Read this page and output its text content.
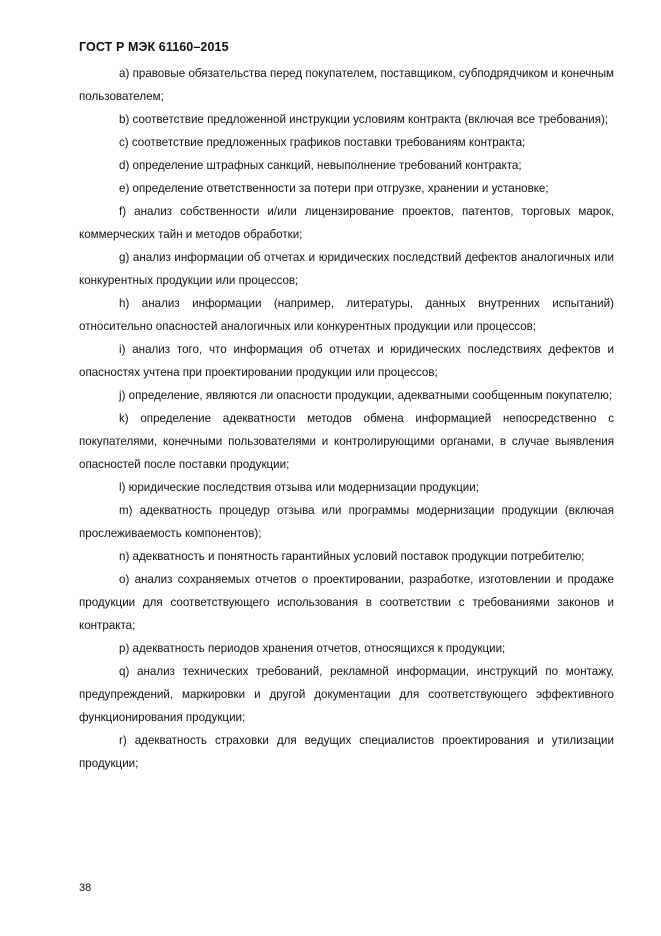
ГОСТ Р МЭК 61160–2015

а) правовые обязательства перед покупателем, поставщиком, субподрядчиком и конечным пользователем;

b) соответствие предложенной инструкции условиям контракта (включая все требования);

с) соответствие предложенных графиков поставки требованиям контракта;

d) определение штрафных санкций, невыполнение требований контракта;

e) определение ответственности за потери при отгрузке, хранении и установке;

f) анализ собственности и/или лицензирование проектов, патентов, торговых марок, коммерческих тайн и методов обработки;

g) анализ информации об отчетах и юридических последствий дефектов аналогичных или конкурентных продукции или процессов;

h) анализ информации (например, литературы, данных внутренних испытаний) относительно опасностей аналогичных или конкурентных продукции или процессов;

i) анализ того, что информация об отчетах и юридических последствиях дефектов и опасностях учтена при проектировании продукции или процессов;

j) определение, являются ли опасности продукции, адекватными сообщенным покупателю;

k) определение адекватности методов обмена информацией непосредственно с покупателями, конечными пользователями и контролирующими органами, в случае выявления опасностей после поставки продукции;

l) юридические последствия отзыва или модернизации продукции;

m) адекватность процедур отзыва или программы модернизации продукции (включая прослеживаемость компонентов);

n) адекватность и понятность гарантийных условий поставок продукции потребителю;

o) анализ сохраняемых отчетов о проектировании, разработке, изготовлении и продаже продукции для соответствующего использования в соответствии с требованиями законов и контракта;

p) адекватность периодов хранения отчетов, относящихся к продукции;

q) анализ технических требований, рекламной информации, инструкций по монтажу, предупреждений, маркировки и другой документации для соответствующего эффективного функционирования продукции;

r) адекватность страховки для ведущих специалистов проектирования и утилизации продукции;

38
